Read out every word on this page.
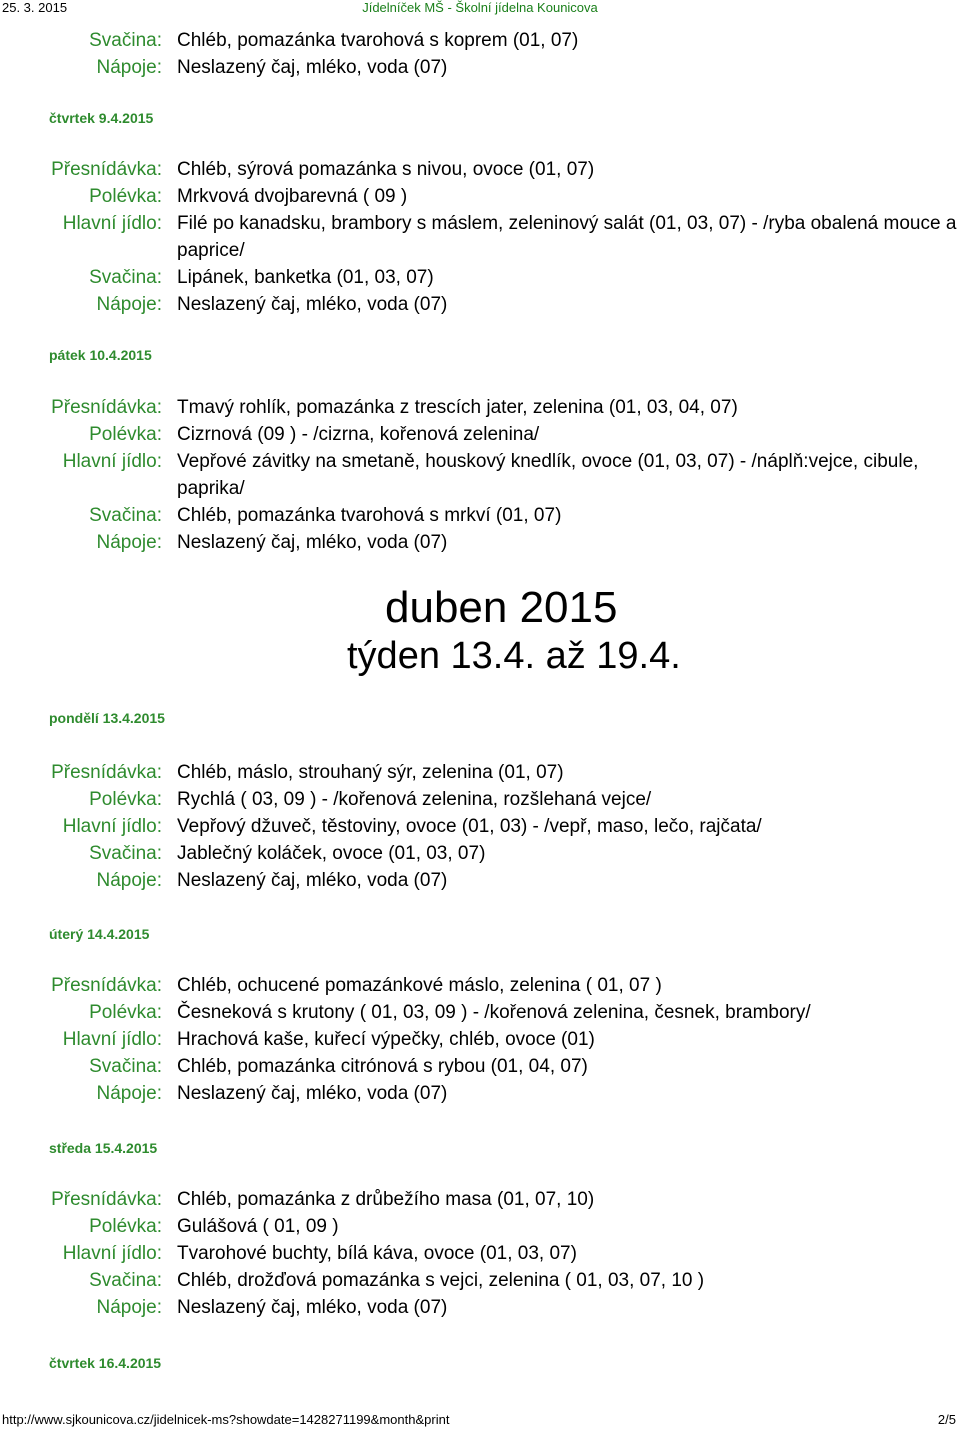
25. 3. 2015	Jídelníček MŠ - Školní jídelna Kounicova
Svačina: Chléb, pomazánka tvarohová s koprem (01, 07)
Nápoje: Neslazený čaj, mléko, voda (07)
čtvrtek 9.4.2015
Přesnídávka: Chléb, sýrová pomazánka s nivou, ovoce (01, 07)
Polévka: Mrkvová dvojbarevná ( 09 )
Hlavní jídlo: Filé po kanadsku, brambory s máslem, zeleninový salát (01, 03, 07) - /ryba obalená mouce a paprice/
Svačina: Lipánek, banketka (01, 03, 07)
Nápoje: Neslazený čaj, mléko, voda (07)
pátek 10.4.2015
Přesnídávka: Tmavý rohlík, pomazánka z trescích jater, zelenina (01, 03, 04, 07)
Polévka: Cizrnová (09 ) - /cizrna, kořenová zelenina/
Hlavní jídlo: Vepřové závitky na smetaně, houskový knedlík, ovoce (01, 03, 07) - /náplň:vejce, cibule, paprika/
Svačina: Chléb, pomazánka tvarohová s mrkví (01, 07)
Nápoje: Neslazený čaj, mléko, voda (07)
duben 2015
týden 13.4. až 19.4.
pondělí 13.4.2015
Přesnídávka: Chléb, máslo, strouhaný sýr, zelenina (01, 07)
Polévka: Rychlá ( 03, 09 ) - /kořenová zelenina, rozšlehaná vejce/
Hlavní jídlo: Vepřový džuveč, těstoviny, ovoce (01, 03) - /vepř, maso, lečo, rajčata/
Svačina: Jablečný koláček, ovoce (01, 03, 07)
Nápoje: Neslazený čaj, mléko, voda (07)
úterý 14.4.2015
Přesnídávka: Chléb, ochucené pomazánkové máslo, zelenina ( 01, 07 )
Polévka: Česneková s krutony ( 01, 03, 09 ) - /kořenová zelenina, česnek, brambory/
Hlavní jídlo: Hrachová kaše, kuřecí výpečky, chléb, ovoce (01)
Svačina: Chléb, pomazánka citrónová s rybou (01, 04, 07)
Nápoje: Neslazený čaj, mléko, voda (07)
středa 15.4.2015
Přesnídávka: Chléb, pomazánka z drůbežího masa (01, 07, 10)
Polévka: Gulášová ( 01, 09 )
Hlavní jídlo: Tvarohové buchty, bílá káva, ovoce (01, 03, 07)
Svačina: Chléb, drožďová pomazánka s vejci, zelenina ( 01, 03, 07, 10 )
Nápoje: Neslazený čaj, mléko, voda (07)
čtvrtek 16.4.2015
http://www.sjkounicova.cz/jidelnicek-ms?showdate=1428271199&month&print	2/5
